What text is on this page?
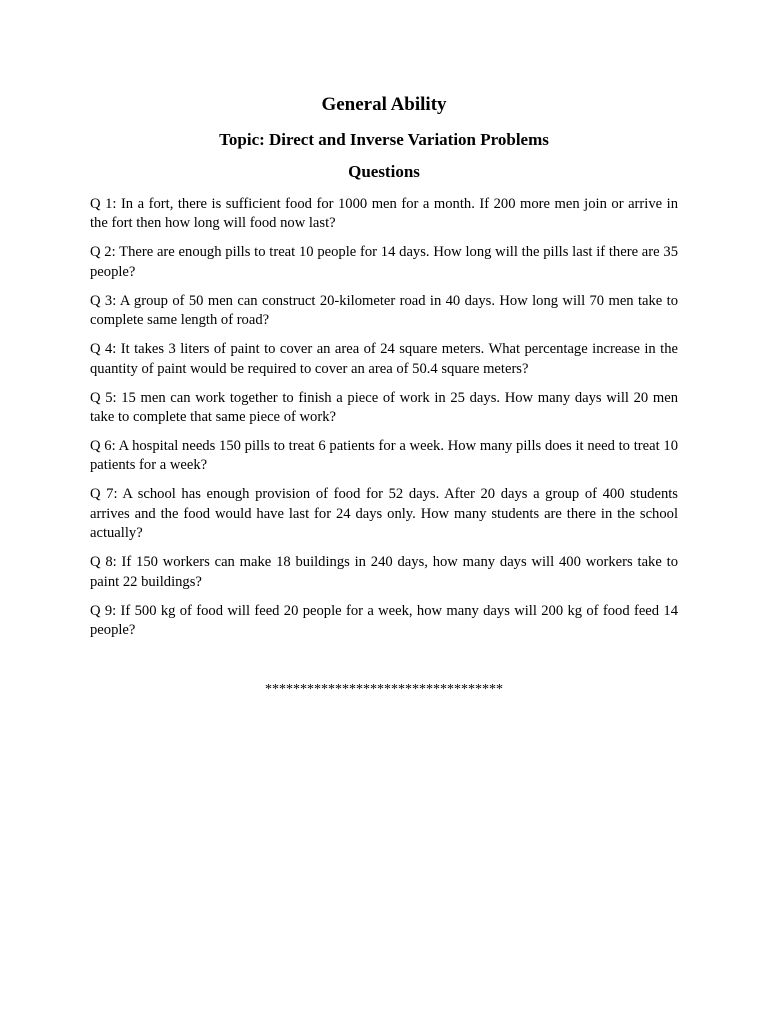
General Ability
Topic: Direct and Inverse Variation Problems
Questions

Q 1: In a fort, there is sufficient food for 1000 men for a month. If 200 more men join or arrive in the fort then how long will food now last?

Q 2: There are enough pills to treat 10 people for 14 days. How long will the pills last if there are 35 people?

Q 3: A group of 50 men can construct 20-kilometer road in 40 days. How long will 70 men take to complete same length of road?

Q 4: It takes 3 liters of paint to cover an area of 24 square meters. What percentage increase in the quantity of paint would be required to cover an area of 50.4 square meters?

Q 5: 15 men can work together to finish a piece of work in 25 days. How many days will 20 men take to complete that same piece of work?

Q 6: A hospital needs 150 pills to treat 6 patients for a week. How many pills does it need to treat 10 patients for a week?

Q 7: A school has enough provision of food for 52 days. After 20 days a group of 400 students arrives and the food would have last for 24 days only. How many students are there in the school actually?

Q 8: If 150 workers can make 18 buildings in 240 days, how many days will 400 workers take to paint 22 buildings?

Q 9: If 500 kg of food will feed 20 people for a week, how many days will 200 kg of food feed 14 people?

**********************************
